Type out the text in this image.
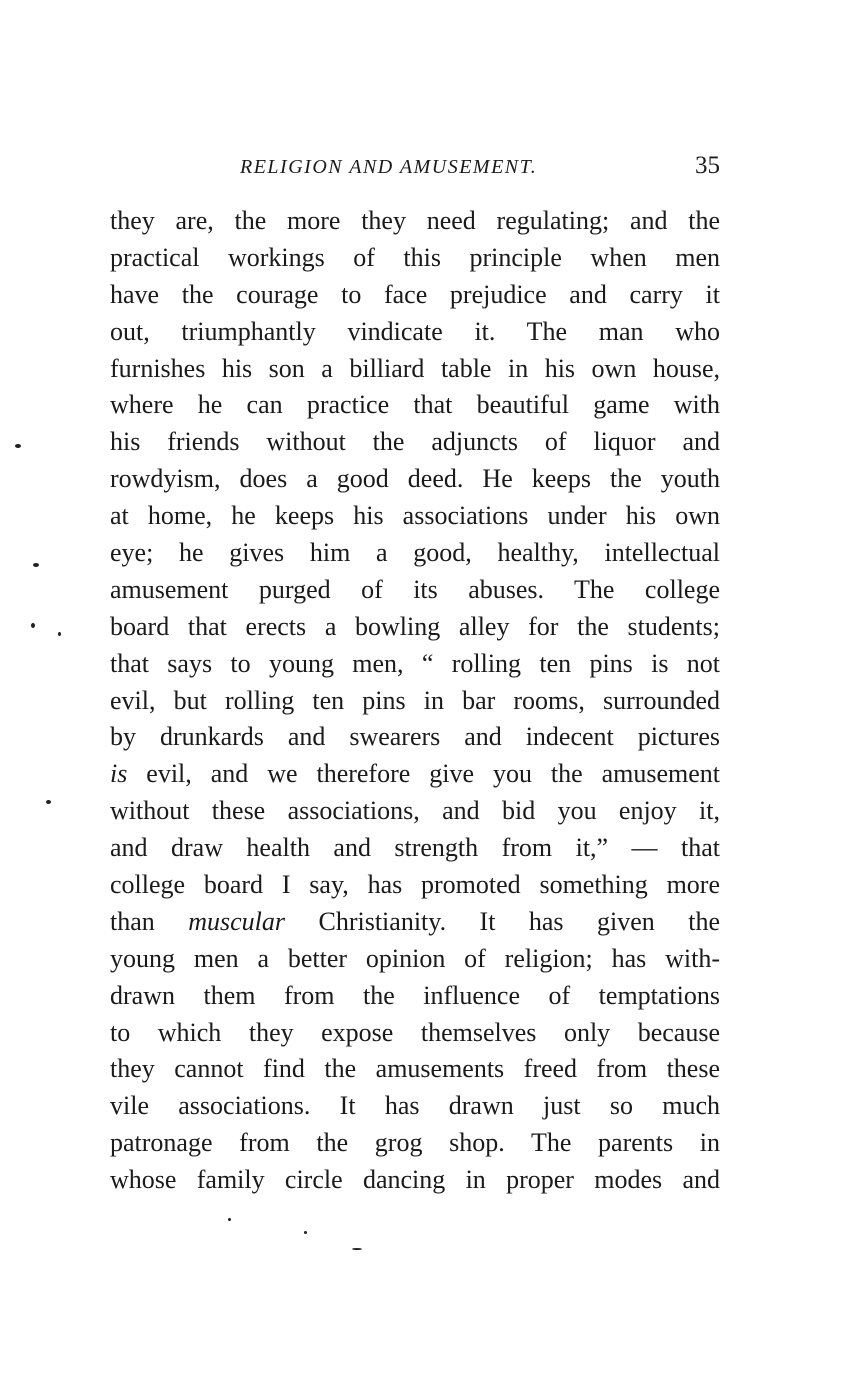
RELIGION AND AMUSEMENT.	35
they are, the more they need regulating; and the
practical workings of this principle when men
have the courage to face prejudice and carry it
out, triumphantly vindicate it. The man who
furnishes his son a billiard table in his own house,
where he can practice that beautiful game with
his friends without the adjuncts of liquor and
rowdyism, does a good deed. He keeps the youth
at home, he keeps his associations under his own
eye; he gives him a good, healthy, intellectual
amusement purged of its abuses. The college
board that erects a bowling alley for the students;
that says to young men, “ rolling ten pins is not
evil, but rolling ten pins in bar rooms, surrounded
by drunkards and swearers and indecent pictures
is evil, and we therefore give you the amusement
without these associations, and bid you enjoy it,
and draw health and strength from it,” — that
college board I say, has promoted something more
than muscular Christianity. It has given the
young men a better opinion of religion; has with-
drawn them from the influence of temptations
to which they expose themselves only because
they cannot find the amusements freed from these
vile associations. It has drawn just so much
patronage from the grog shop. The parents in
whose family circle dancing in proper modes and
